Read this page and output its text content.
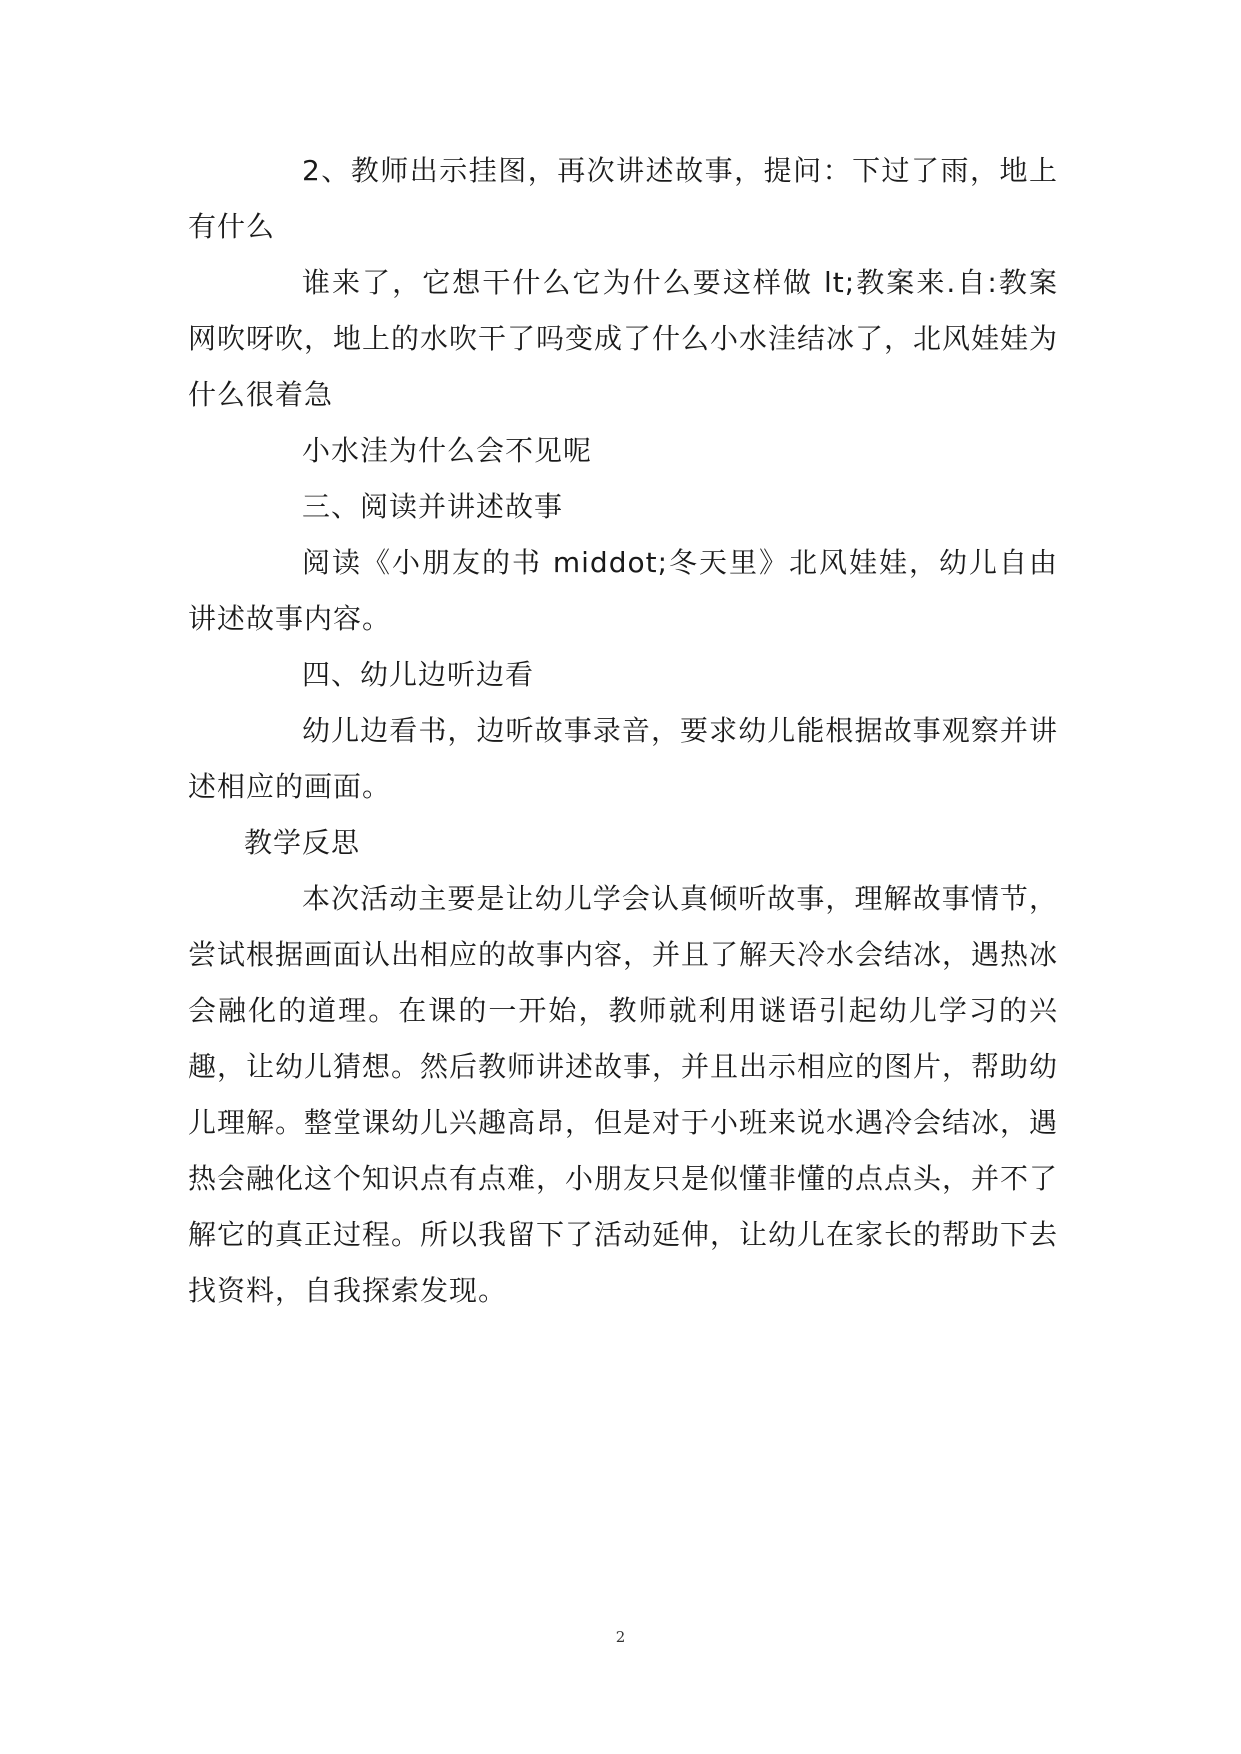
2、教师出示挂图，再次讲述故事，提问：下过了雨，地上有什么

谁来了，它想干什么它为什么要这样做 lt;教案来.自:教案网吹呀吹，地上的水吹干了吗变成了什么小水洼结冰了，北风娃娃为什么很着急

小水洼为什么会不见呢

三、阅读并讲述故事

阅读《小朋友的书 middot;冬天里》北风娃娃，幼儿自由讲述故事内容。

四、幼儿边听边看

幼儿边看书，边听故事录音，要求幼儿能根据故事观察并讲述相应的画面。

教学反思

本次活动主要是让幼儿学会认真倾听故事，理解故事情节，尝试根据画面认出相应的故事内容，并且了解天冷水会结冰，遇热冰会融化的道理。在课的一开始，教师就利用谜语引起幼儿学习的兴趣，让幼儿猜想。然后教师讲述故事，并且出示相应的图片，帮助幼儿理解。整堂课幼儿兴趣高昂，但是对于小班来说水遇冷会结冰，遇热会融化这个知识点有点难，小朋友只是似懂非懂的点点头，并不了解它的真正过程。所以我留下了活动延伸，让幼儿在家长的帮助下去找资料，自我探索发现。

2
